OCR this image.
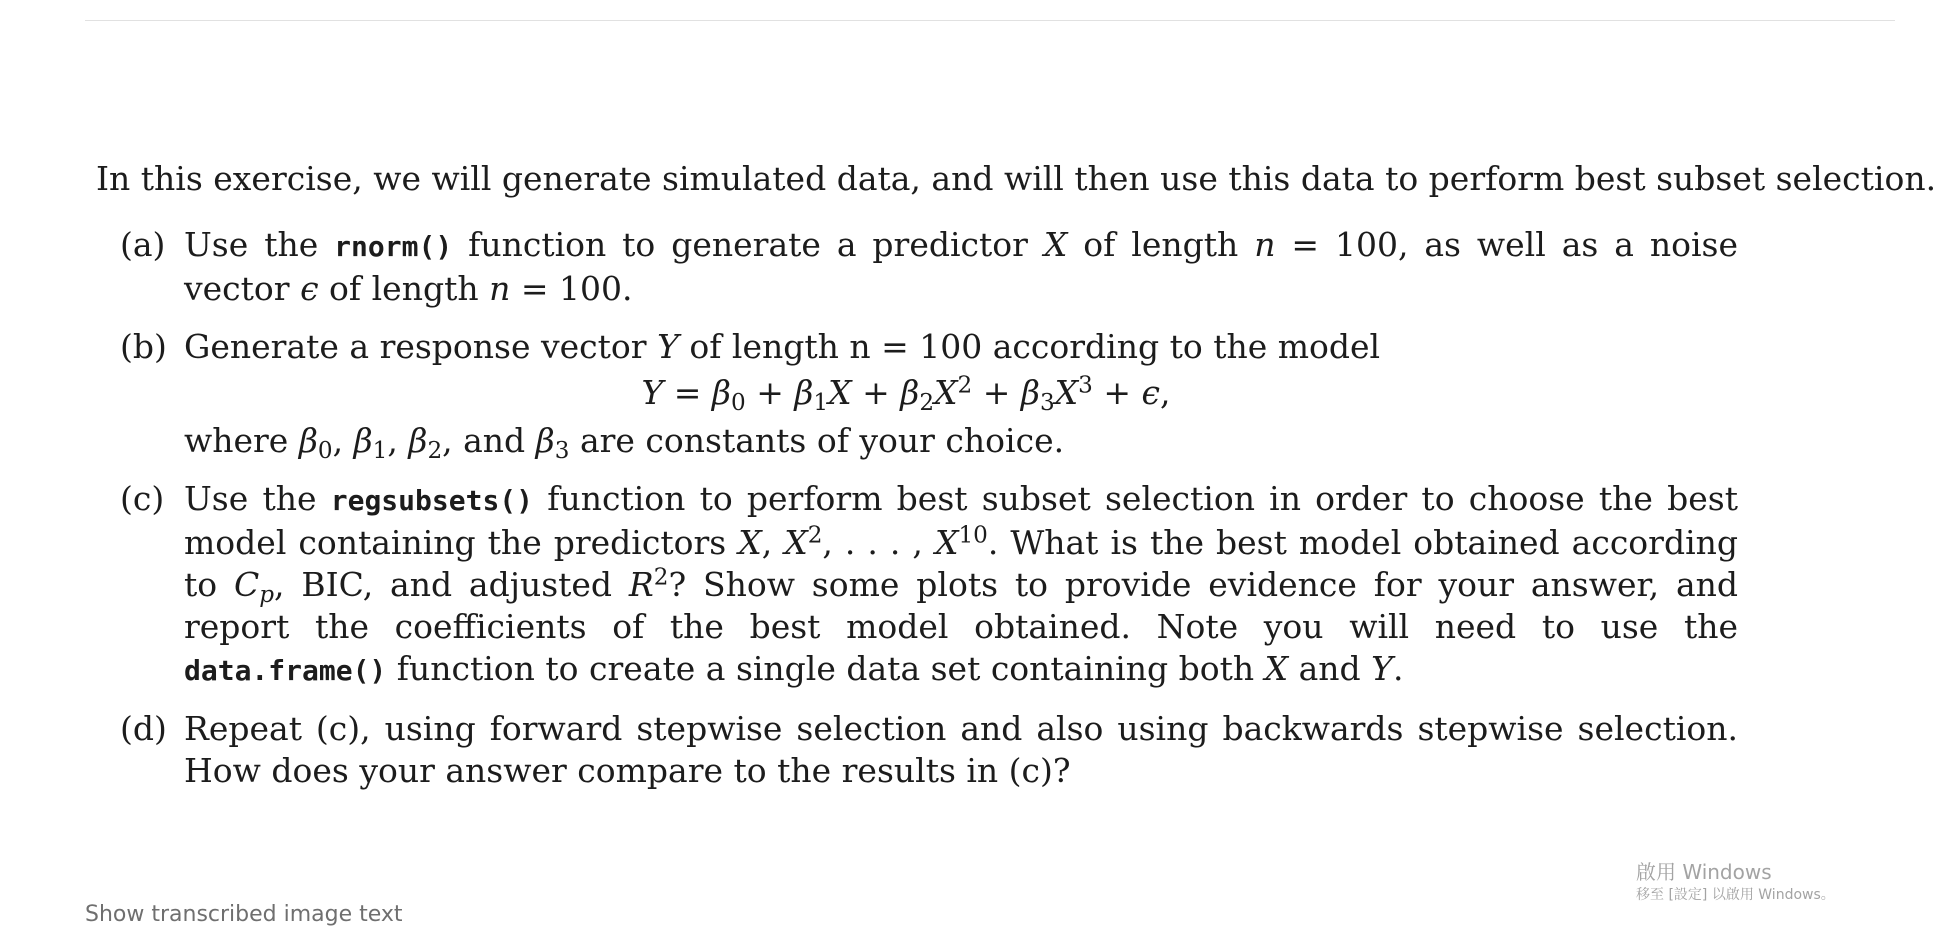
In this exercise, we will generate simulated data, and will then use this data to perform best subset selection.

(a) Use the rnorm() function to generate a predictor X of length n = 100, as well as a noise vector ϵ of length n = 100.

(b) Generate a response vector Y of length n = 100 according to the model

$Y = \beta_0 + \beta_1X + \beta_2X^2 + \beta_3X^3 + \epsilon$,

where $\beta_0$, $\beta_1$, $\beta_2$, and $\beta_3$ are constants of your choice.

(c) Use the regsubsets() function to perform best subset selection in order to choose the best model containing the predictors X, $X^2$, . . . , $X^{10}$. What is the best model obtained according to $C_p$, BIC, and adjusted $R^2$? Show some plots to provide evidence for your answer, and report the coefficients of the best model obtained. Note you will need to use the data.frame() function to create a single data set containing both X and Y.

(d) Repeat (c), using forward stepwise selection and also using backwards stepwise selection. How does your answer compare to the results in (c)?

啟用 Windows
移至 [設定] 以啟用 Windows。
Show transcribed image text
